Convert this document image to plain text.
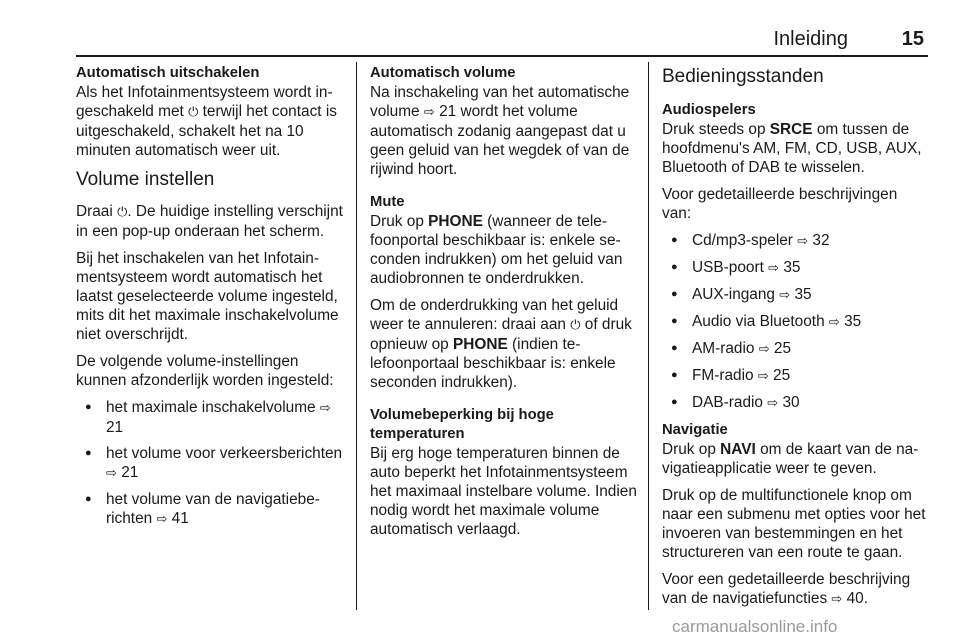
Inleiding	15
Automatisch uitschakelen

Als het Infotainmentsysteem wordt ingeschakeld met ⏻ terwijl het contact is uitgeschakeld, schakelt het na 10 minuten automatisch weer uit.

Volume instellen

Draai ⏻. De huidige instelling verschijnt in een pop-up onderaan het scherm.

Bij het inschakelen van het Infotainmentsysteem wordt automatisch het laatst geselecteerde volume ingesteld, mits dit het maximale inschakelvolume niet overschrijdt.

De volgende volume-instellingen kunnen afzonderlijk worden ingesteld:

● het maximale inschakelvolume ⇨ 21
● het volume voor verkeersberichten ⇨ 21
● het volume van de navigatieberichten ⇨ 41
Automatisch volume

Na inschakeling van het automatische volume ⇨ 21 wordt het volume automatisch zodanig aangepast dat u geen geluid van het wegdek of van de rijwind hoort.

Mute

Druk op PHONE (wanneer de telefoonportal beschikbaar is: enkele seconden indrukken) om het geluid van audiobronnen te onderdrukken.

Om de onderdrukking van het geluid weer te annuleren: draai aan ⏻ of druk opnieuw op PHONE (indien telefoonportaal beschikbaar is: enkele seconden indrukken).

Volumebeperking bij hoge temperaturen

Bij erg hoge temperaturen binnen de auto beperkt het Infotainmentsysteem het maximaal instelbare volume. Indien nodig wordt het maximale volume automatisch verlaagd.

Bedieningsstanden
Audiospelers

Druk steeds op SRCE om tussen de hoofdmenu's AM, FM, CD, USB, AUX, Bluetooth of DAB te wisselen.

Voor gedetailleerde beschrijvingen van:

● Cd/mp3-speler ⇨ 32
● USB-poort ⇨ 35
● AUX-ingang ⇨ 35
● Audio via Bluetooth ⇨ 35
● AM-radio ⇨ 25
● FM-radio ⇨ 25
● DAB-radio ⇨ 30
Navigatie

Druk op NAVI om de kaart van de navigatieapplicatie weer te geven.

Druk op de multifunctionele knop om naar een submenu met opties voor het invoeren van bestemmingen en het structureren van een route te gaan.

Voor een gedetailleerde beschrijving van de navigatiefuncties ⇨ 40.

carmanualsonline.info
